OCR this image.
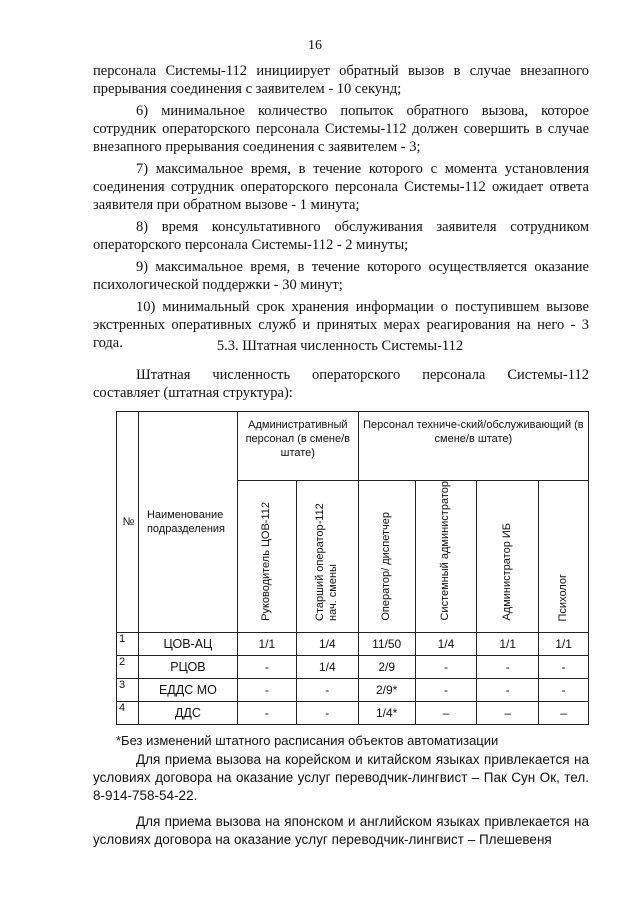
16

персонала Системы-112 инициирует обратный вызов в случае внезапного прерывания соединения с заявителем - 10 секунд;

6) минимальное количество попыток обратного вызова, которое сотрудник операторского персонала Системы-112 должен совершить в случае внезапного прерывания соединения с заявителем - 3;

7) максимальное время, в течение которого с момента установления соединения сотрудник операторского персонала Системы-112 ожидает ответа заявителя при обратном вызове - 1 минута;

8) время консультативного обслуживания заявителя сотрудником операторского персонала Системы-112 - 2 минуты;

9) максимальное время, в течение которого осуществляется оказание психологической поддержки - 30 минут;

10) минимальный срок хранения информации о поступившем вызове экстренных оперативных служб и принятых мерах реагирования на него - 3 года.	5.3. Штатная численность Системы-112
Штатная численность операторского персонала Системы-112
составляет (штатная структура):
№	Наименование подразделения	Административный персонал (в смене/в штате)		Персонал техниче-ский/обслуживающий (в смене/в штате)			
		Руководитель ЦОВ-112	Старший оператор-112 нач. смены	Оператор/ диспетчер	Системный администратор	Администратор ИБ	Психолог
1	ЦОВ-АЦ	1/1	1/4	11/50	1/4	1/1	1/1
2	РЦОВ	-	1/4	2/9	-	-	-
3	ЕДДС МО	-	-	2/9*	-	-	-
4	ДДС	-	-	1/4*	–	–	–
*Без изменений штатного расписания объектов автоматизации

Для приема вызова на корейском и китайском языках привлекается на условиях договора на оказание услуг переводчик-лингвист – Пак Сун Ок, тел. 8-914-758-54-22.

Для приема вызова на японском и английском языках привлекается на условиях договора на оказание услуг переводчик-лингвист – Плешевеня
